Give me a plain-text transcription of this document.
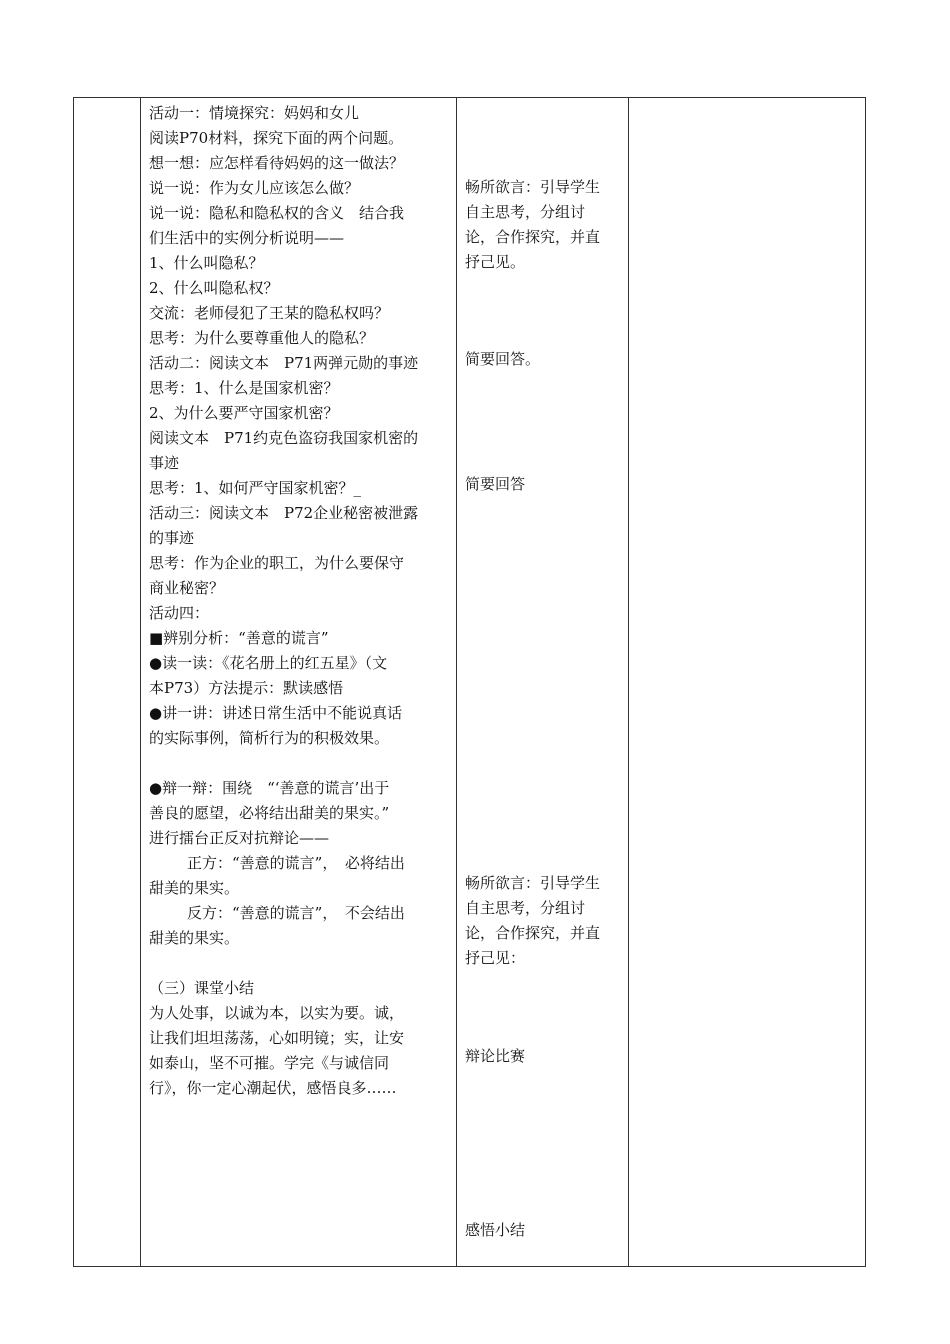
活动一：情境探究：妈妈和女儿
阅读P70材料，探究下面的两个问题。
想一想：应怎样看待妈妈的这一做法？
说一说：作为女儿应该怎么做？
说一说：隐私和隐私权的含义　结合我
们生活中的实例分析说明——
1、什么叫隐私？
2、什么叫隐私权？
交流：老师侵犯了王某的隐私权吗？
思考：为什么要尊重他人的隐私？
活动二：阅读文本　P71两弹元勋的事迹
思考：1、什么是国家机密？
2、为什么要严守国家机密？
阅读文本　P71约克色盗窃我国家机密的
事迹
思考：1、如何严守国家机密？_
活动三：阅读文本　P72企业秘密被泄露
的事迹
思考：作为企业的职工，为什么要保守
商业秘密？
活动四：
■辨别分析：“善意的谎言”
●读一读：《花名册上的红五星》（文
本P73）方法提示：默读感悟
●讲一讲：讲述日常生活中不能说真话
的实际事例，简析行为的积极效果。
●辩一辩：围绕　“‘善意的谎言’出于
善良的愿望，必将结出甜美的果实。”
进行擂台正反对抗辩论——
正方：“善意的谎言”，　必将结出
甜美的果实。
反方：“善意的谎言”，　不会结出
甜美的果实。
（三）课堂小结
为人处事，以诚为本，以实为要。诚，
让我们坦坦荡荡，心如明镜；实，让安
如泰山，坚不可摧。学完《与诚信同
行》，你一定心潮起伏，感悟良多……
畅所欲言：引导学生
自主思考，分组讨
论，合作探究，并直
抒己见。
简要回答。
简要回答
畅所欲言：引导学生
自主思考，分组讨
论，合作探究，并直
抒己见：
辩论比赛
感悟小结
